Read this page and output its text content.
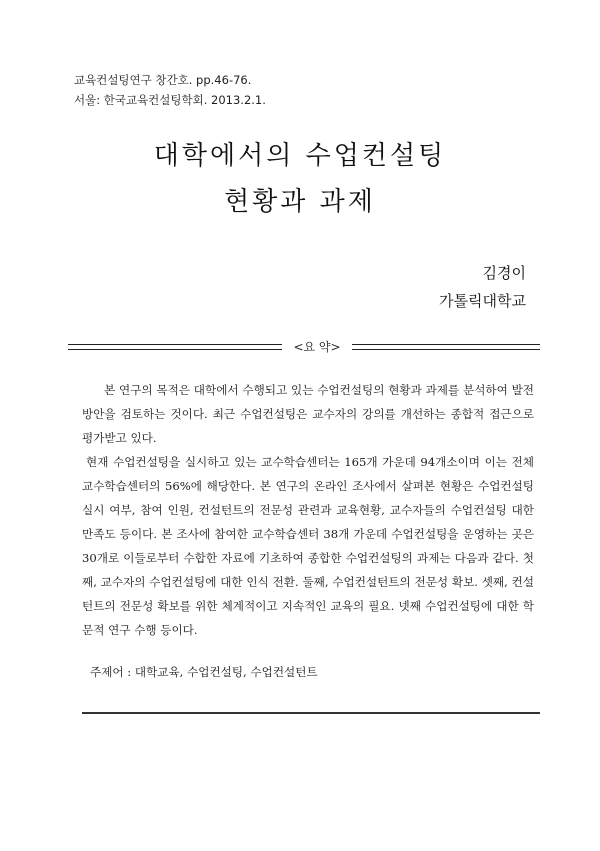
교육컨설팅연구 창간호. pp.46-76.
서울: 한국교육컨설팅학회. 2013.2.1.
대학에서의 수업컨설팅
현황과 과제
김경이
가톨릭대학교
<요 약>

본 연구의 목적은 대학에서 수행되고 있는 수업컨설팅의 현황과 과제를 분석하여 발전방안을 검토하는 것이다. 최근 수업컨설팅은 교수자의 강의를 개선하는 종합적 접근으로 평가받고 있다.

현재 수업컨설팅을 실시하고 있는 교수학습센터는 165개 가운데 94개소이며 이는 전체 교수학습센터의 56%에 해당한다. 본 연구의 온라인 조사에서 살펴본 현황은 수업컨설팅 실시 여부, 참여 인원, 컨설턴트의 전문성 관련과 교육현황, 교수자들의 수업컨설팅 대한 만족도 등이다. 본 조사에 참여한 교수학습센터 38개 가운데 수업컨설팅을 운영하는 곳은 30개로 이들로부터 수합한 자료에 기초하여 종합한 수업컨설팅의 과제는 다음과 같다. 첫째, 교수자의 수업컨설팅에 대한 인식 전환. 둘째, 수업컨설턴트의 전문성 확보. 셋째, 컨설턴트의 전문성 확보를 위한 체계적이고 지속적인 교육의 필요. 넷째 수업컨설팅에 대한 학문적 연구 수행 등이다.

주제어 : 대학교육, 수업컨설팅, 수업컨설턴트
